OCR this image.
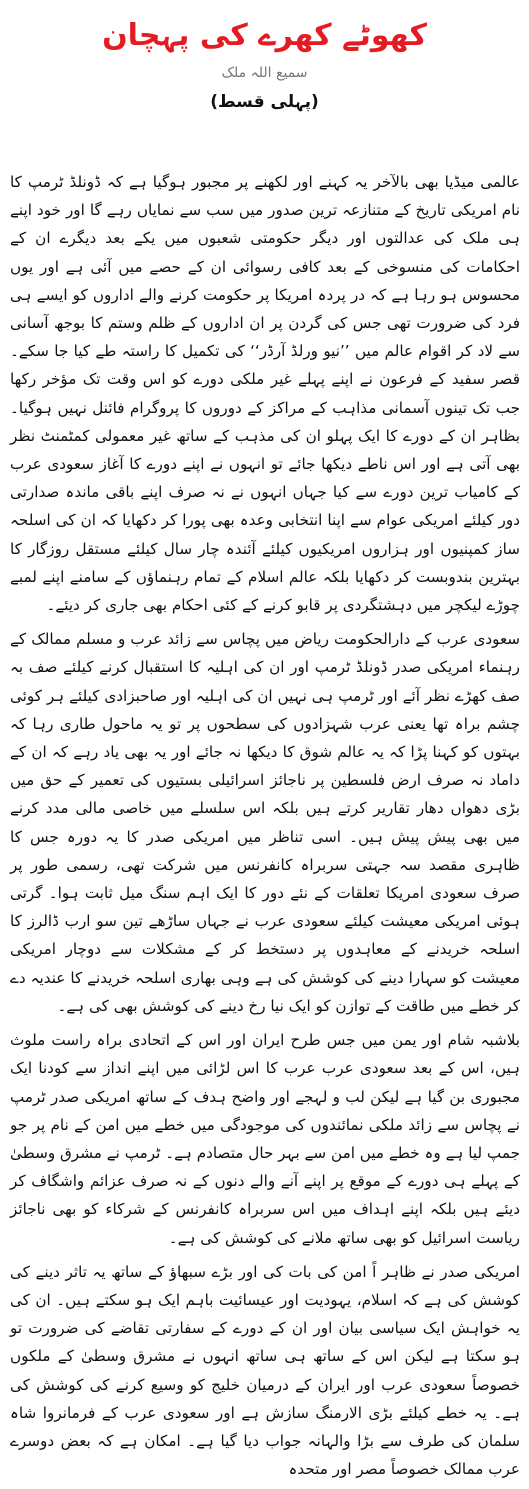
کھوٹے کھرے کی پہچان
سمیع اللہ ملک
(پہلی قسط)

عالمی میڈیا بھی بالآخر یہ کہنے اور لکھنے پر مجبور ہوگیا ہے کہ ڈونلڈ ٹرمپ کا نام امریکی تاریخ کے متنازعہ ترین صدور میں سب سے نمایاں رہے گا اور خود اپنے ہی ملک کی عدالتوں اور دیگر حکومتی شعبوں میں یکے بعد دیگرے ان کے احکامات کی منسوخی کے بعد کافی رسوائی ان کے حصے میں آئی ہے اور یوں محسوس ہو رہا ہے کہ در پردہ امریکا پر حکومت کرنے والے اداروں کو ایسے ہی فرد کی ضرورت تھی جس کی گردن پر ان اداروں کے ظلم وستم کا بوجھ آسانی سے لاد کر اقوام عالم میں ’’نیو ورلڈ آرڈر‘‘ کی تکمیل کا راستہ طے کیا جا سکے۔ قصر سفید کے فرعون نے اپنے پہلے غیر ملکی دورے کو اس وقت تک مؤخر رکھا جب تک تینوں آسمانی مذاہب کے مراکز کے دوروں کا پروگرام فائنل نہیں ہوگیا۔ بظاہر ان کے دورے کا ایک پہلو ان کی مذہب کے ساتھ غیر معمولی کمٹمنٹ نظر بھی آتی ہے اور اس ناطے دیکھا جائے تو انہوں نے اپنے دورے کا آغاز سعودی عرب کے کامیاب ترین دورے سے کیا جہاں انہوں نے نہ صرف اپنے باقی ماندہ صدارتی دور کیلئے امریکی عوام سے اپنا انتخابی وعدہ بھی پورا کر دکھایا کہ ان کی اسلحہ ساز کمپنیوں اور ہزاروں امریکیوں کیلئے آئندہ چار سال کیلئے مستقل روزگار کا بہترین بندوبست کر دکھایا بلکہ عالم اسلام کے تمام رہنماؤں کے سامنے اپنے لمبے چوڑے لیکچر میں دہشتگردی پر قابو کرنے کے کئی احکام بھی جاری کر دیئے۔

سعودی عرب کے دارالحکومت ریاض میں پچاس سے زائد عرب و مسلم ممالک کے رہنماء امریکی صدر ڈونلڈ ٹرمپ اور ان کی اہلیہ کا استقبال کرنے کیلئے صف بہ صف کھڑے نظر آئے اور ٹرمپ ہی نہیں ان کی اہلیہ اور صاحبزادی کیلئے ہر کوئی چشم براہ تھا یعنی عرب شہزادوں کی سطحوں پر تو یہ ماحول طاری رہا کہ بہتوں کو کہنا پڑا کہ یہ عالم شوق کا دیکھا نہ جائے اور یہ بھی یاد رہے کہ ان کے داماد نہ صرف ارض فلسطین پر ناجائز اسرائیلی بستیوں کی تعمیر کے حق میں بڑی دھواں دھار تقاریر کرتے ہیں بلکہ اس سلسلے میں خاصی مالی مدد کرنے میں بھی پیش پیش ہیں۔ اسی تناظر میں امریکی صدر کا یہ دورہ جس کا ظاہری مقصد سہ جہتی سربراہ کانفرنس میں شرکت تھی، رسمی طور پر صرف سعودی امریکا تعلقات کے نئے دور کا ایک اہم سنگ میل ثابت ہوا۔ گرتی ہوئی امریکی معیشت کیلئے سعودی عرب نے جہاں ساڑھے تین سو ارب ڈالرز کا اسلحہ خریدنے کے معاہدوں پر دستخط کر کے مشکلات سے دوچار امریکی معیشت کو سہارا دینے کی کوشش کی ہے وہی بھاری اسلحہ خریدنے کا عندیہ دے کر خطے میں طاقت کے توازن کو ایک نیا رخ دینے کی کوشش بھی کی ہے۔

بلاشبہ شام اور یمن میں جس طرح ایران اور اس کے اتحادی براہ راست ملوث ہیں، اس کے بعد سعودی عرب عرب کا اس لڑائی میں اپنے انداز سے کودنا ایک مجبوری بن گیا ہے لیکن لب و لہجے اور واضح ہدف کے ساتھ امریکی صدر ٹرمپ نے پچاس سے زائد ملکی نمائندوں کی موجودگی میں خطے میں امن کے نام پر جو جمپ لیا ہے وہ خطے میں امن سے بہر حال متصادم ہے۔ ٹرمپ نے مشرق وسطیٰ کے پہلے ہی دورے کے موقع پر اپنے آنے والے دنوں کے نہ صرف عزائم واشگاف کر دیئے ہیں بلکہ اپنے اہداف میں اس سربراہ کانفرنس کے شرکاء کو بھی ناجائز ریاست اسرائیل کو بھی ساتھ ملانے کی کوشش کی ہے۔

امریکی صدر نے ظاہر اً امن کی بات کی اور بڑے سبھاؤ کے ساتھ یہ تاثر دینے کی کوشش کی ہے کہ اسلام، یہودیت اور عیسائیت باہم ایک ہو سکتے ہیں۔ ان کی یہ خواہش ایک سیاسی بیان اور ان کے دورے کے سفارتی تقاضے کی ضرورت تو ہو سکتا ہے لیکن اس کے ساتھ ہی ساتھ انہوں نے مشرق وسطیٰ کے ملکوں خصوصاً سعودی عرب اور ایران کے درمیان خلیج کو وسیع کرنے کی کوشش کی ہے۔ یہ خطے کیلئے بڑی الارمنگ سازش ہے اور سعودی عرب کے فرمانروا شاہ سلمان کی طرف سے بڑا والہانہ جواب دیا گیا ہے۔ امکان ہے کہ بعض دوسرے عرب ممالک خصوصاً مصر اور متحدہ
